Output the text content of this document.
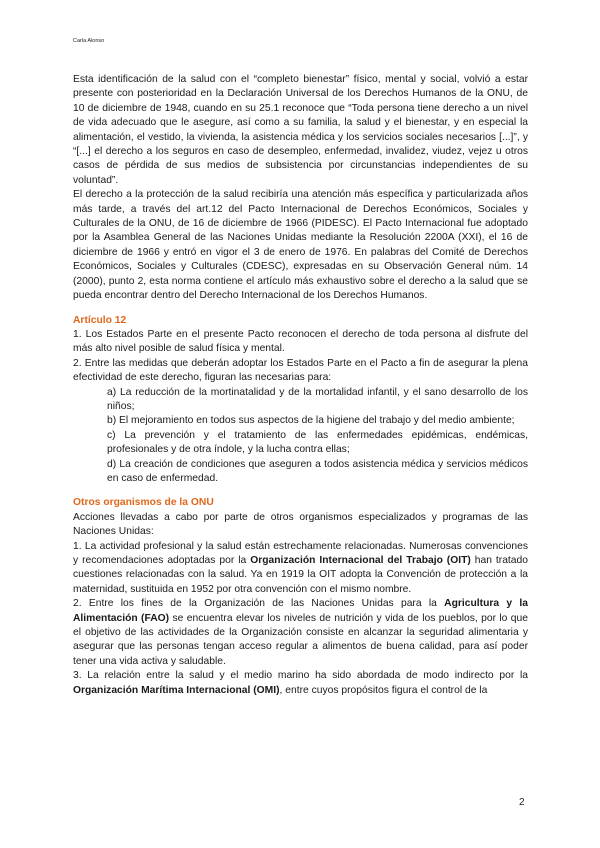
Carla Alonso

Esta identificación de la salud con el “completo bienestar” físico, mental y social, volvió a estar presente con posterioridad en la Declaración Universal de los Derechos Humanos de la ONU, de 10 de diciembre de 1948, cuando en su 25.1 reconoce que “Toda persona tiene derecho a un nivel de vida adecuado que le asegure, así como a su familia, la salud y el bienestar, y en especial la alimentación, el vestido, la vivienda, la asistencia médica y los servicios sociales necesarios [...]”, y “[...] el derecho a los seguros en caso de desempleo, enfermedad, invalidez, viudez, vejez u otros casos de pérdida de sus medios de subsistencia por circunstancias independientes de su voluntad”.

El derecho a la protección de la salud recibiría una atención más específica y particularizada años más tarde, a través del art.12 del Pacto Internacional de Derechos Económicos, Sociales y Culturales de la ONU, de 16 de diciembre de 1966 (PIDESC). El Pacto Internacional fue adoptado por la Asamblea General de las Naciones Unidas mediante la Resolución 2200A (XXI), el 16 de diciembre de 1966 y entró en vigor el 3 de enero de 1976. En palabras del Comité de Derechos Económicos, Sociales y Culturales (CDESC), expresadas en su Observación General núm. 14 (2000), punto 2, esta norma contiene el artículo más exhaustivo sobre el derecho a la salud que se pueda encontrar dentro del Derecho Internacional de los Derechos Humanos.

Artículo 12

1. Los Estados Parte en el presente Pacto reconocen el derecho de toda persona al disfrute del más alto nivel posible de salud física y mental.

2. Entre las medidas que deberán adoptar los Estados Parte en el Pacto a fin de asegurar la plena efectividad de este derecho, figuran las necesarias para:

a) La reducción de la mortinatalidad y de la mortalidad infantil, y el sano desarrollo de los niños;

b) El mejoramiento en todos sus aspectos de la higiene del trabajo y del medio ambiente;

c) La prevención y el tratamiento de las enfermedades epidémicas, endémicas, profesionales y de otra índole, y la lucha contra ellas;

d) La creación de condiciones que aseguren a todos asistencia médica y servicios médicos en caso de enfermedad.

Otros organismos de la ONU

Acciones llevadas a cabo por parte de otros organismos especializados y programas de las Naciones Unidas:

1. La actividad profesional y la salud están estrechamente relacionadas. Numerosas convenciones y recomendaciones adoptadas por la Organización Internacional del Trabajo (OIT) han tratado cuestiones relacionadas con la salud. Ya en 1919 la OIT adopta la Convención de protección a la maternidad, sustituida en 1952 por otra convención con el mismo nombre.

2. Entre los fines de la Organización de las Naciones Unidas para la Agricultura y la Alimentación (FAO) se encuentra elevar los niveles de nutrición y vida de los pueblos, por lo que el objetivo de las actividades de la Organización consiste en alcanzar la seguridad alimentaria y asegurar que las personas tengan acceso regular a alimentos de buena calidad, para así poder tener una vida activa y saludable.

3. La relación entre la salud y el medio marino ha sido abordada de modo indirecto por la Organización Marítima Internacional (OMI), entre cuyos propósitos figura el control de la

2
